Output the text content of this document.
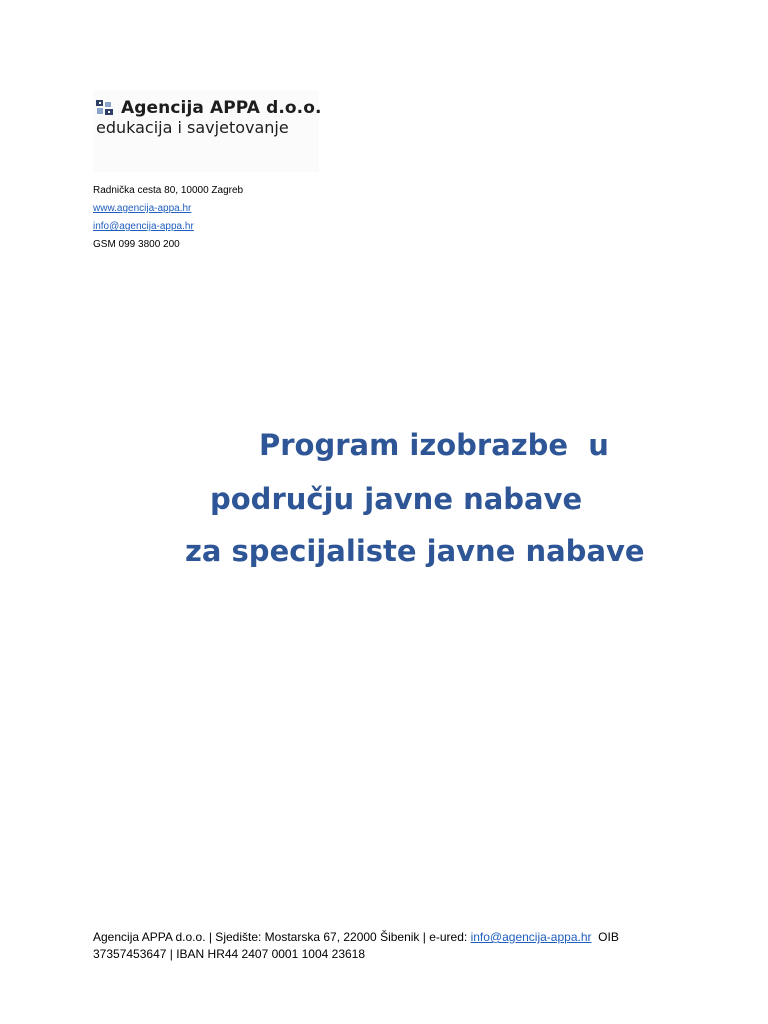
Agencija APPA d.o.o.
edukacija i savjetovanje
Radnička cesta 80, 10000 Zagreb
www.agencija-appa.hr
info@agencija-appa.hr
GSM 099 3800 200
Program izobrazbe  u
području javne nabave
za specijaliste javne nabave
Agencija APPA d.o.o. | Sjedište: Mostarska 67, 22000 Šibenik | e-ured: info@agencija-appa.hr  OIB 37357453647 | IBAN HR44 2407 0001 1004 23618
